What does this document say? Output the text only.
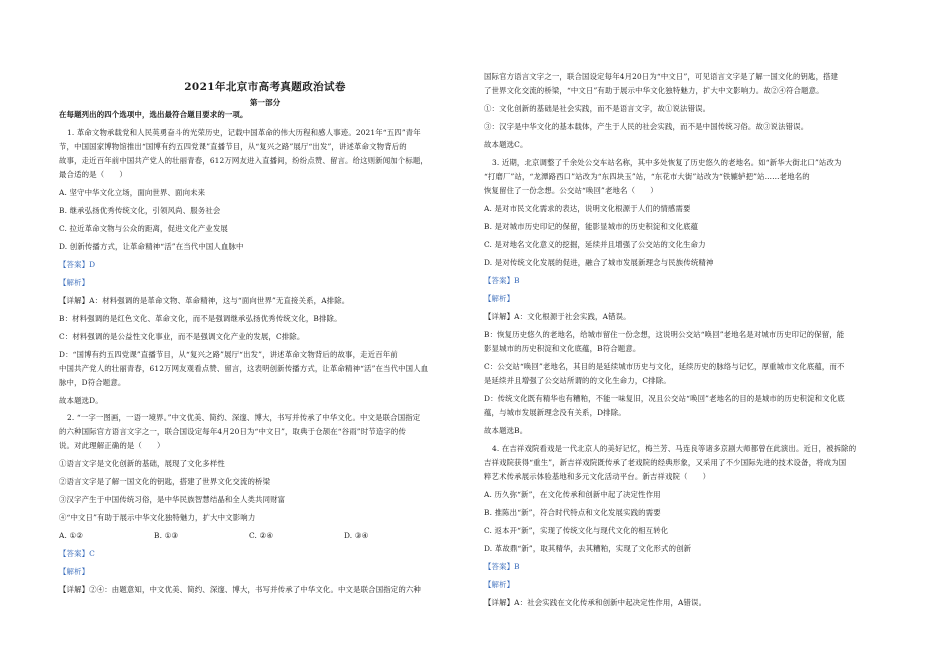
2021年北京市高考真题政治试卷
第一部分
在每题列出的四个选项中，选出最符合题目要求的一项。
1. 革命文物承载党和人民英勇奋斗的光荣历史，记载中国革命的伟大历程和感人事迹。2021年“五四”青年
节，中国国家博物馆推出“国博有约五四党课”直播节目，从“复兴之路”展厅“出发”，讲述革命文物背后的
故事，走近百年前中国共产党人的壮丽青春，612万网友进入直播间，纷纷点赞、留言。给这则新闻加个标题，
最合适的是（　　）
A. 坚守中华文化立场，面向世界、面向未来
B. 继承弘扬优秀传统文化，引领风尚、服务社会
C. 拉近革命文物与公众的距离，促进文化产业发展
D. 创新传播方式，让革命精神“活”在当代中国人血脉中
【答案】D
【解析】
【详解】A：材料强调的是革命文物、革命精神，这与“面向世界”无直接关系，A排除。
B：材料强调的是红色文化、革命文化，而不是强调继承弘扬优秀传统文化，B排除。
C：材料强调的是公益性文化事业，而不是强调文化产业的发展，C排除。
D：“国博有约五四党课”直播节目，从“复兴之路”展厅“出发”，讲述革命文物背后的故事，走近百年前
中国共产党人的壮丽青春，612万网友观看点赞、留言，这表明创新传播方式，让革命精神“活”在当代中国人血
脉中，D符合题意。
故本题选D。
2. “一字一图画，一语一境界。”中文优美、简约、深邃、博大，书写并传承了中华文化。中文是联合国指定
的六种国际官方语言文字之一，联合国设定每年4月20日为“中文日”，取典于仓颉在“谷雨”时节造字的传
说。对此理解正确的是（　　）
①语言文字是文化创新的基础，展现了文化多样性
②语言文字是了解一国文化的钥匙，搭建了世界文化交流的桥梁
③汉字产生于中国传统习俗，是中华民族智慧结晶和全人类共同财富
④“中文日”有助于展示中华文化独特魅力，扩大中文影响力
A. ①②	B. ①③	C. ②④	D. ③④
【答案】C
【解析】
【详解】②④：由题意知，中文优美、简约、深邃、博大，书写并传承了中华文化。中文是联合国指定的六种
国际官方语言文字之一，联合国设定每年4月20日为“中文日”，可见语言文字是了解一国文化的钥匙，搭建
了世界文化交流的桥梁，“中文日”有助于展示中华文化独特魅力，扩大中文影响力。故②④符合题意。
①：文化创新的基础是社会实践，而不是语言文字，故①说法错误。
③：汉字是中华文化的基本载体，产生于人民的社会实践，而不是中国传统习俗。故③说法错误。
故本题选C。
3. 近期，北京调整了千余处公交车站名称，其中多处恢复了历史悠久的老地名。如“新华大街北口”站改为
“打磨厂”站，“龙潭路西口”站改为“东四块玉”站，“东花市大街”站改为“铁辘轳把”站……老地名的
恢复留住了一份念想。公交站“唤回”老地名（　　）
A. 是对市民文化需求的表达，说明文化根源于人们的情感需要
B. 是对城市历史印记的保留，能影显城市的历史积淀和文化底蕴
C. 是对地名文化意义的挖掘，延续并且增强了公交站的文化生命力
D. 是对传统文化发展的促进，融合了城市发展新理念与民族传统精神
【答案】B
【解析】
【详解】A：文化根源于社会实践，A错误。
B：恢复历史悠久的老地名，给城市留住一份念想，这说明公交站“唤回”老地名是对城市历史印记的保留，能
影显城市的历史积淀和文化底蕴，B符合题意。
C：公交站“唤回”老地名，其目的是延续城市历史与文化，延续历史的脉络与记忆，厚重城市文化底蕴，而不
是延续并且增强了公交站所谓的的文化生命力，C排除。
D：传统文化既有精华也有糟粕，不能一味复旧，况且公交站“唤回”老地名的目的是城市的历史积淀和文化底
蕴，与城市发展新理念没有关系，D排除。
故本题选B。
4. 在吉祥戏院看戏是一代北京人的美好记忆，梅兰芳、马连良等诸多京剧大师都曾在此演出。近日，被拆除的
吉祥戏院获得“重生”，新吉祥戏院既传承了老戏院的经典形象，又采用了不少国际先进的技术设备，将成为国
粹艺术传承展示体验基地和多元文化活动平台。新吉祥戏院（　　）
A. 历久弥“新”，在文化传承和创新中起了决定性作用
B. 推陈出“新”，符合时代特点和文化发展实践的需要
C. 返本开“新”，实现了传统文化与现代文化的相互转化
D. 革故鼎“新”，取其精华，去其糟粕，实现了文化形式的创新
【答案】B
【解析】
【详解】A：社会实践在文化传承和创新中起决定性作用，A错误。
